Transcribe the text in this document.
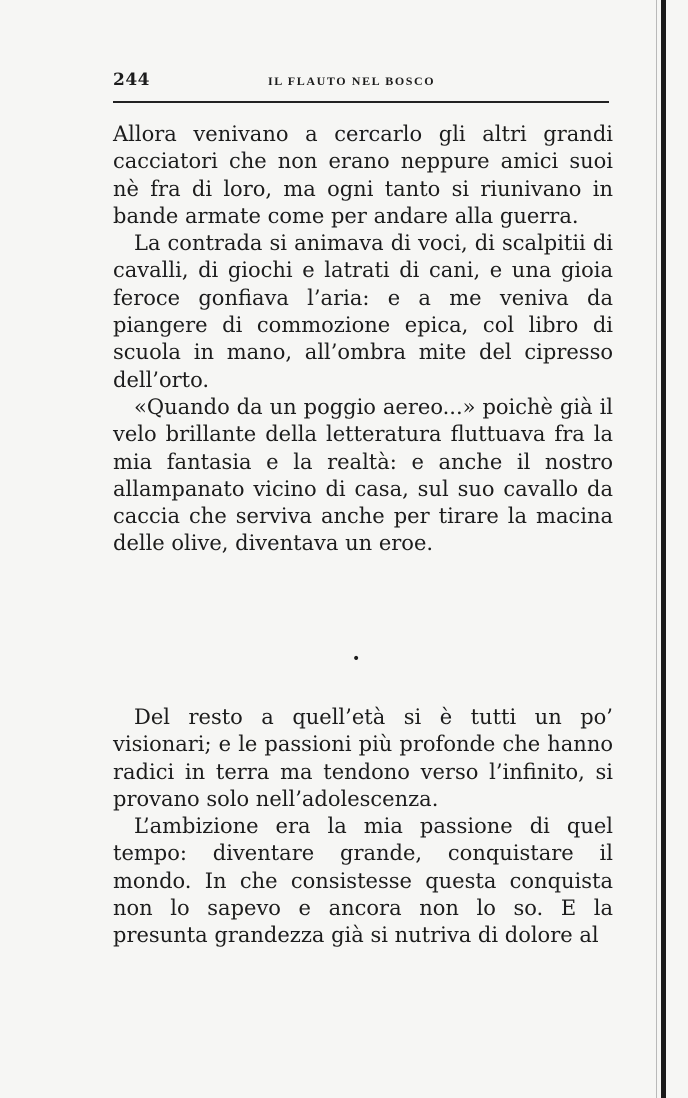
244	IL FLAUTO NEL BOSCO

Allora venivano a cercarlo gli altri grandi cacciatori che non erano neppure amici suoi nè fra di loro, ma ogni tanto si riunivano in bande armate come per andare alla guerra.

La contrada si animava di voci, di scalpitii di cavalli, di giochi e latrati di cani, e una gioia feroce gonfiava l’aria: e a me veniva da piangere di commozione epica, col libro di scuola in mano, all’ombra mite del cipresso dell’orto.

«Quando da un poggio aereo...» poichè già il velo brillante della letteratura fluttuava fra la mia fantasia e la realtà: e anche il nostro allampanato vicino di casa, sul suo cavallo da caccia che serviva anche per tirare la macina delle olive, diventava un eroe.

•

Del resto a quell’età si è tutti un po’ visionari; e le passioni più profonde che hanno radici in terra ma tendono verso l’infinito, si provano solo nell’adolescenza.

L’ambizione era la mia passione di quel tempo: diventare grande, conquistare il mondo. In che consistesse questa conquista non lo sapevo e ancora non lo so. E la presunta grandezza già si nutriva di dolore al
